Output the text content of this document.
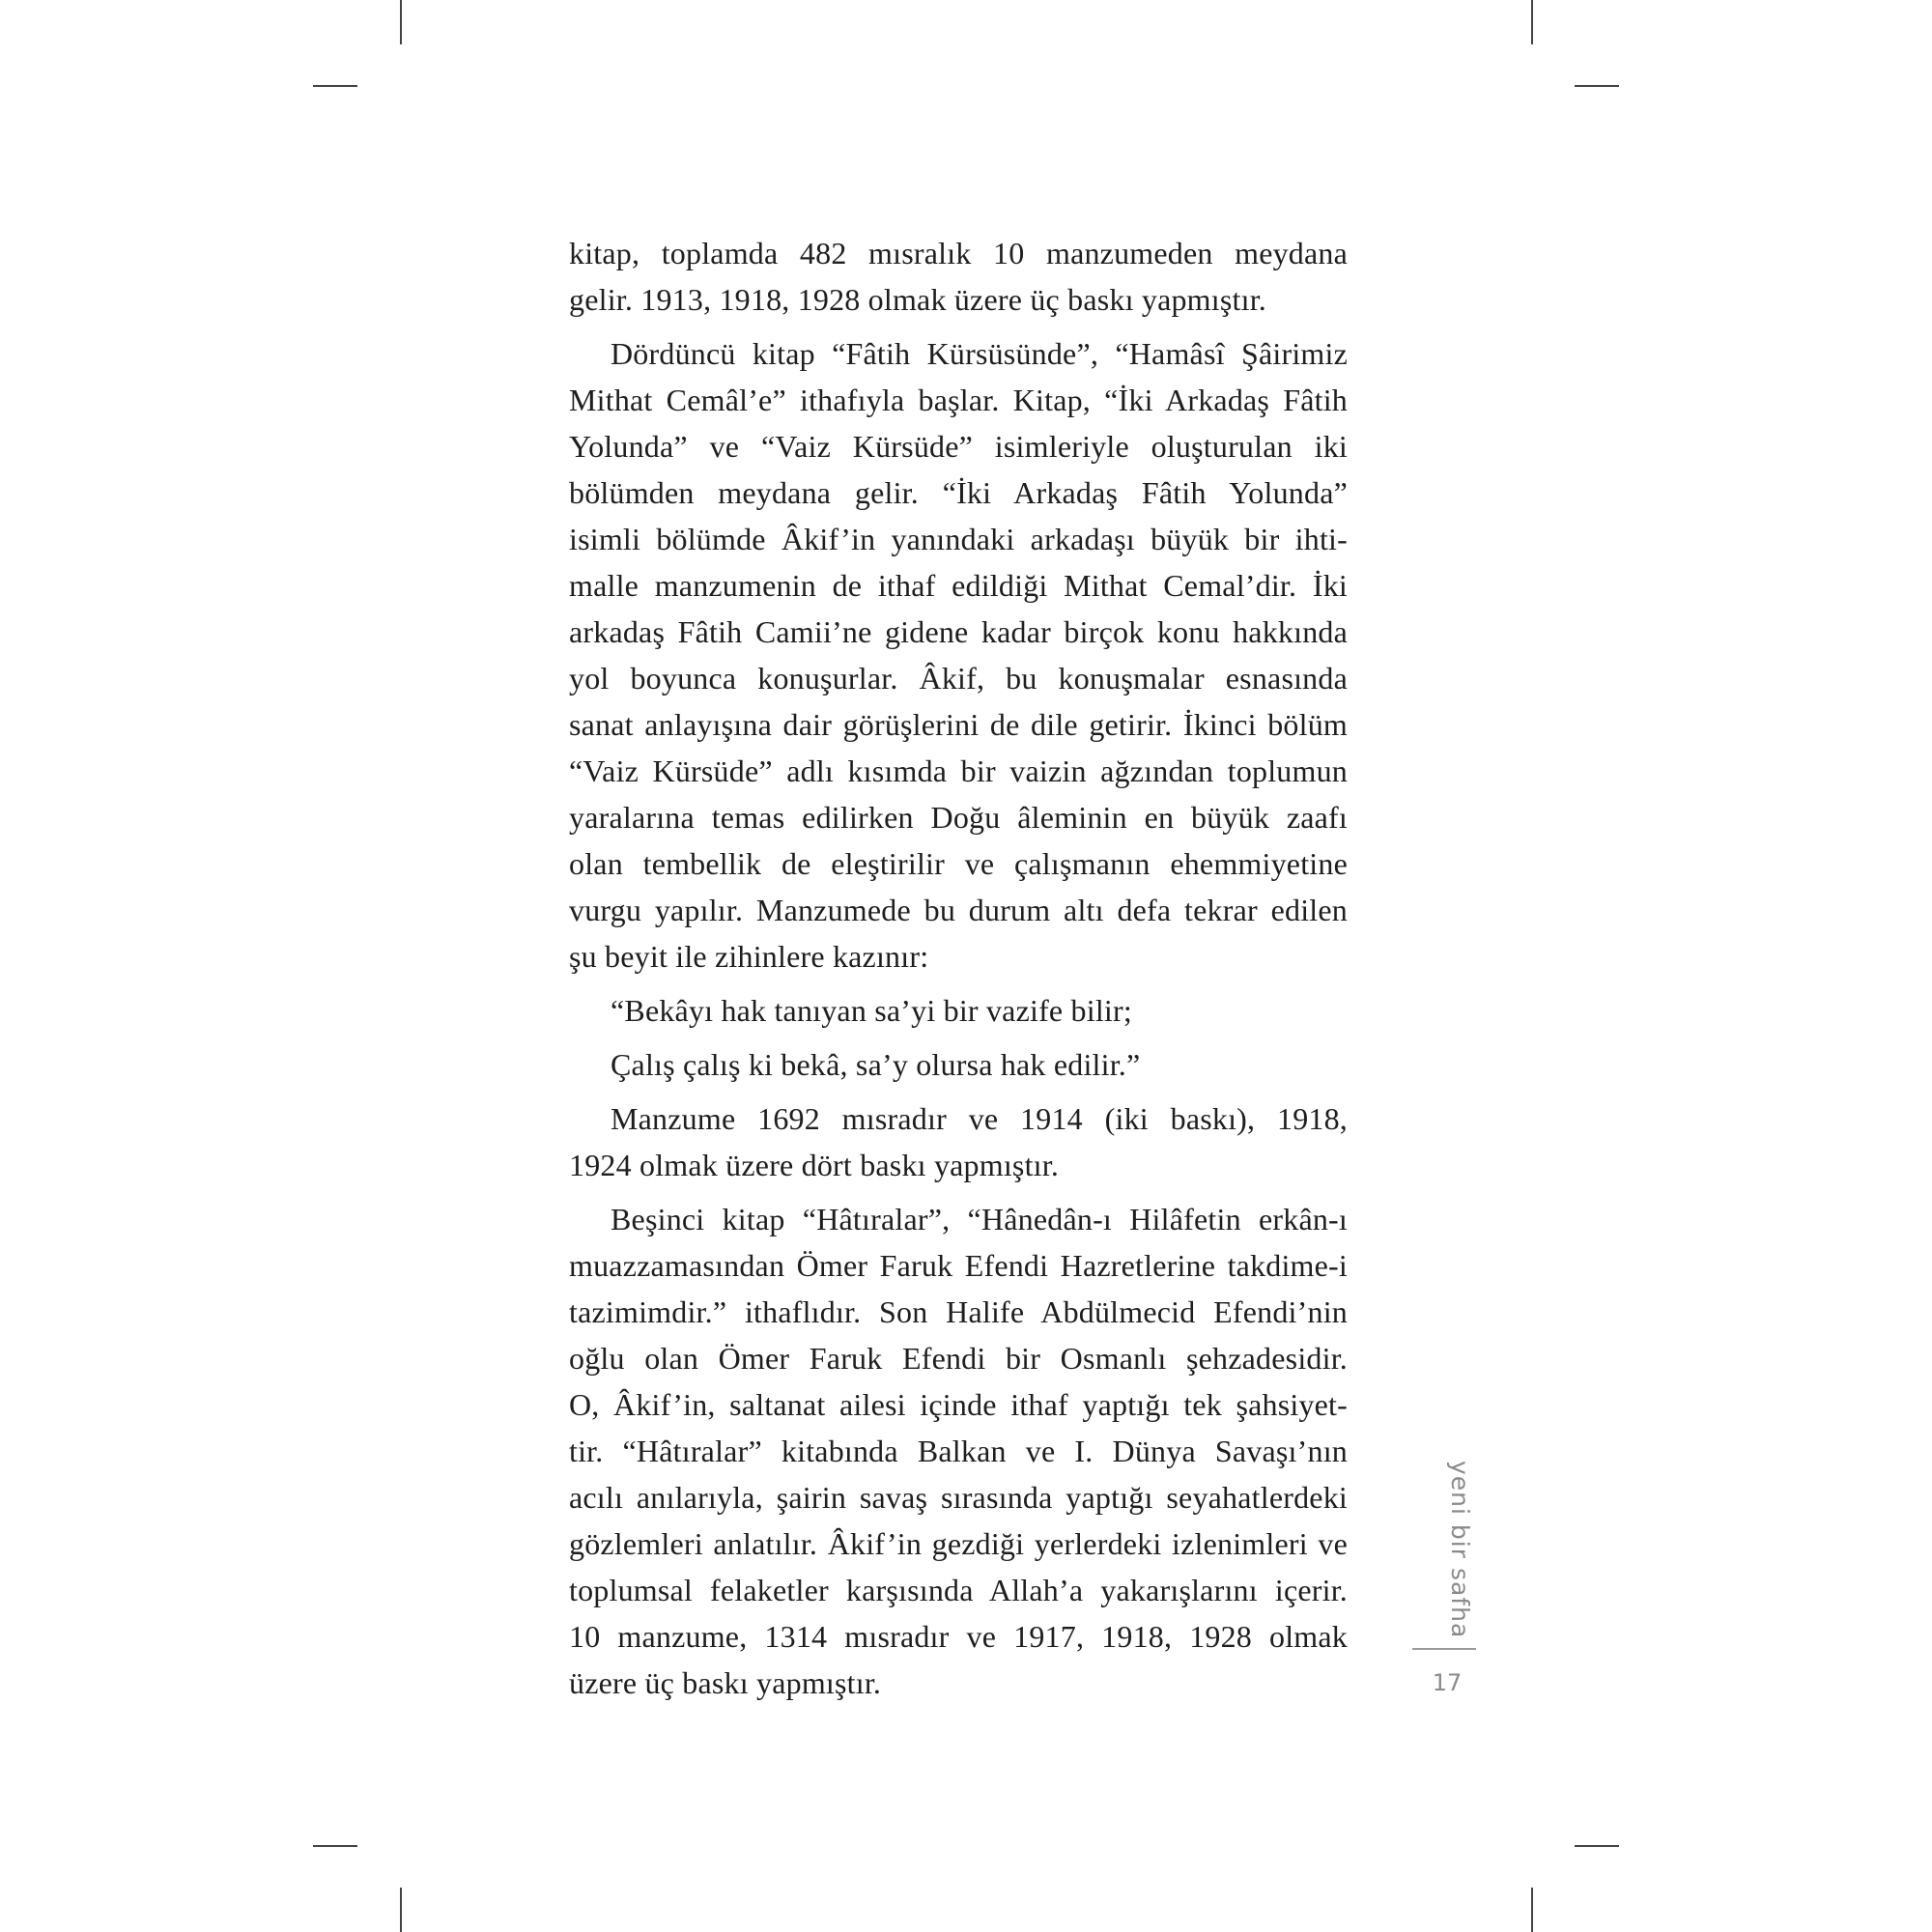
kitap, toplamda 482 mısralık 10 manzumeden meydana
gelir. 1913, 1918, 1928 olmak üzere üç baskı yapmıştır.

Dördüncü kitap “Fâtih Kürsüsünde”, “Hamâsî Şâirimiz
Mithat Cemâl’e” ithafıyla başlar. Kitap, “İki Arkadaş Fâtih
Yolunda” ve “Vaiz Kürsüde” isimleriyle oluşturulan iki
bölümden meydana gelir. “İki Arkadaş Fâtih Yolunda”
isimli bölümde Âkif’in yanındaki arkadaşı büyük bir ihti-
malle manzumenin de ithaf edildiği Mithat Cemal’dir. İki
arkadaş Fâtih Camii’ne gidene kadar birçok konu hakkında
yol boyunca konuşurlar. Âkif, bu konuşmalar esnasında
sanat anlayışına dair görüşlerini de dile getirir. İkinci bölüm
“Vaiz Kürsüde” adlı kısımda bir vaizin ağzından toplumun
yaralarına temas edilirken Doğu âleminin en büyük zaafı
olan tembellik de eleştirilir ve çalışmanın ehemmiyetine
vurgu yapılır. Manzumede bu durum altı defa tekrar edilen
şu beyit ile zihinlere kazınır:

“Bekâyı hak tanıyan sa’yi bir vazife bilir;

Çalış çalış ki bekâ, sa’y olursa hak edilir.”

Manzume 1692 mısradır ve 1914 (iki baskı), 1918,
1924 olmak üzere dört baskı yapmıştır.

Beşinci kitap “Hâtıralar”, “Hânedân-ı Hilâfetin erkân-ı
muazzamasından Ömer Faruk Efendi Hazretlerine takdime-i
tazimimdir.” ithaflıdır. Son Halife Abdülmecid Efendi’nin
oğlu olan Ömer Faruk Efendi bir Osmanlı şehzadesidir.
O, Âkif’in, saltanat ailesi içinde ithaf yaptığı tek şahsiyet-
tir. “Hâtıralar” kitabında Balkan ve I. Dünya Savaşı’nın
acılı anılarıyla, şairin savaş sırasında yaptığı seyahatlerdeki
gözlemleri anlatılır. Âkif’in gezdiği yerlerdeki izlenimleri ve
toplumsal felaketler karşısında Allah’a yakarışlarını içerir.
10 manzume, 1314 mısradır ve 1917, 1918, 1928 olmak
üzere üç baskı yapmıştır.

yeni bir safha
17
